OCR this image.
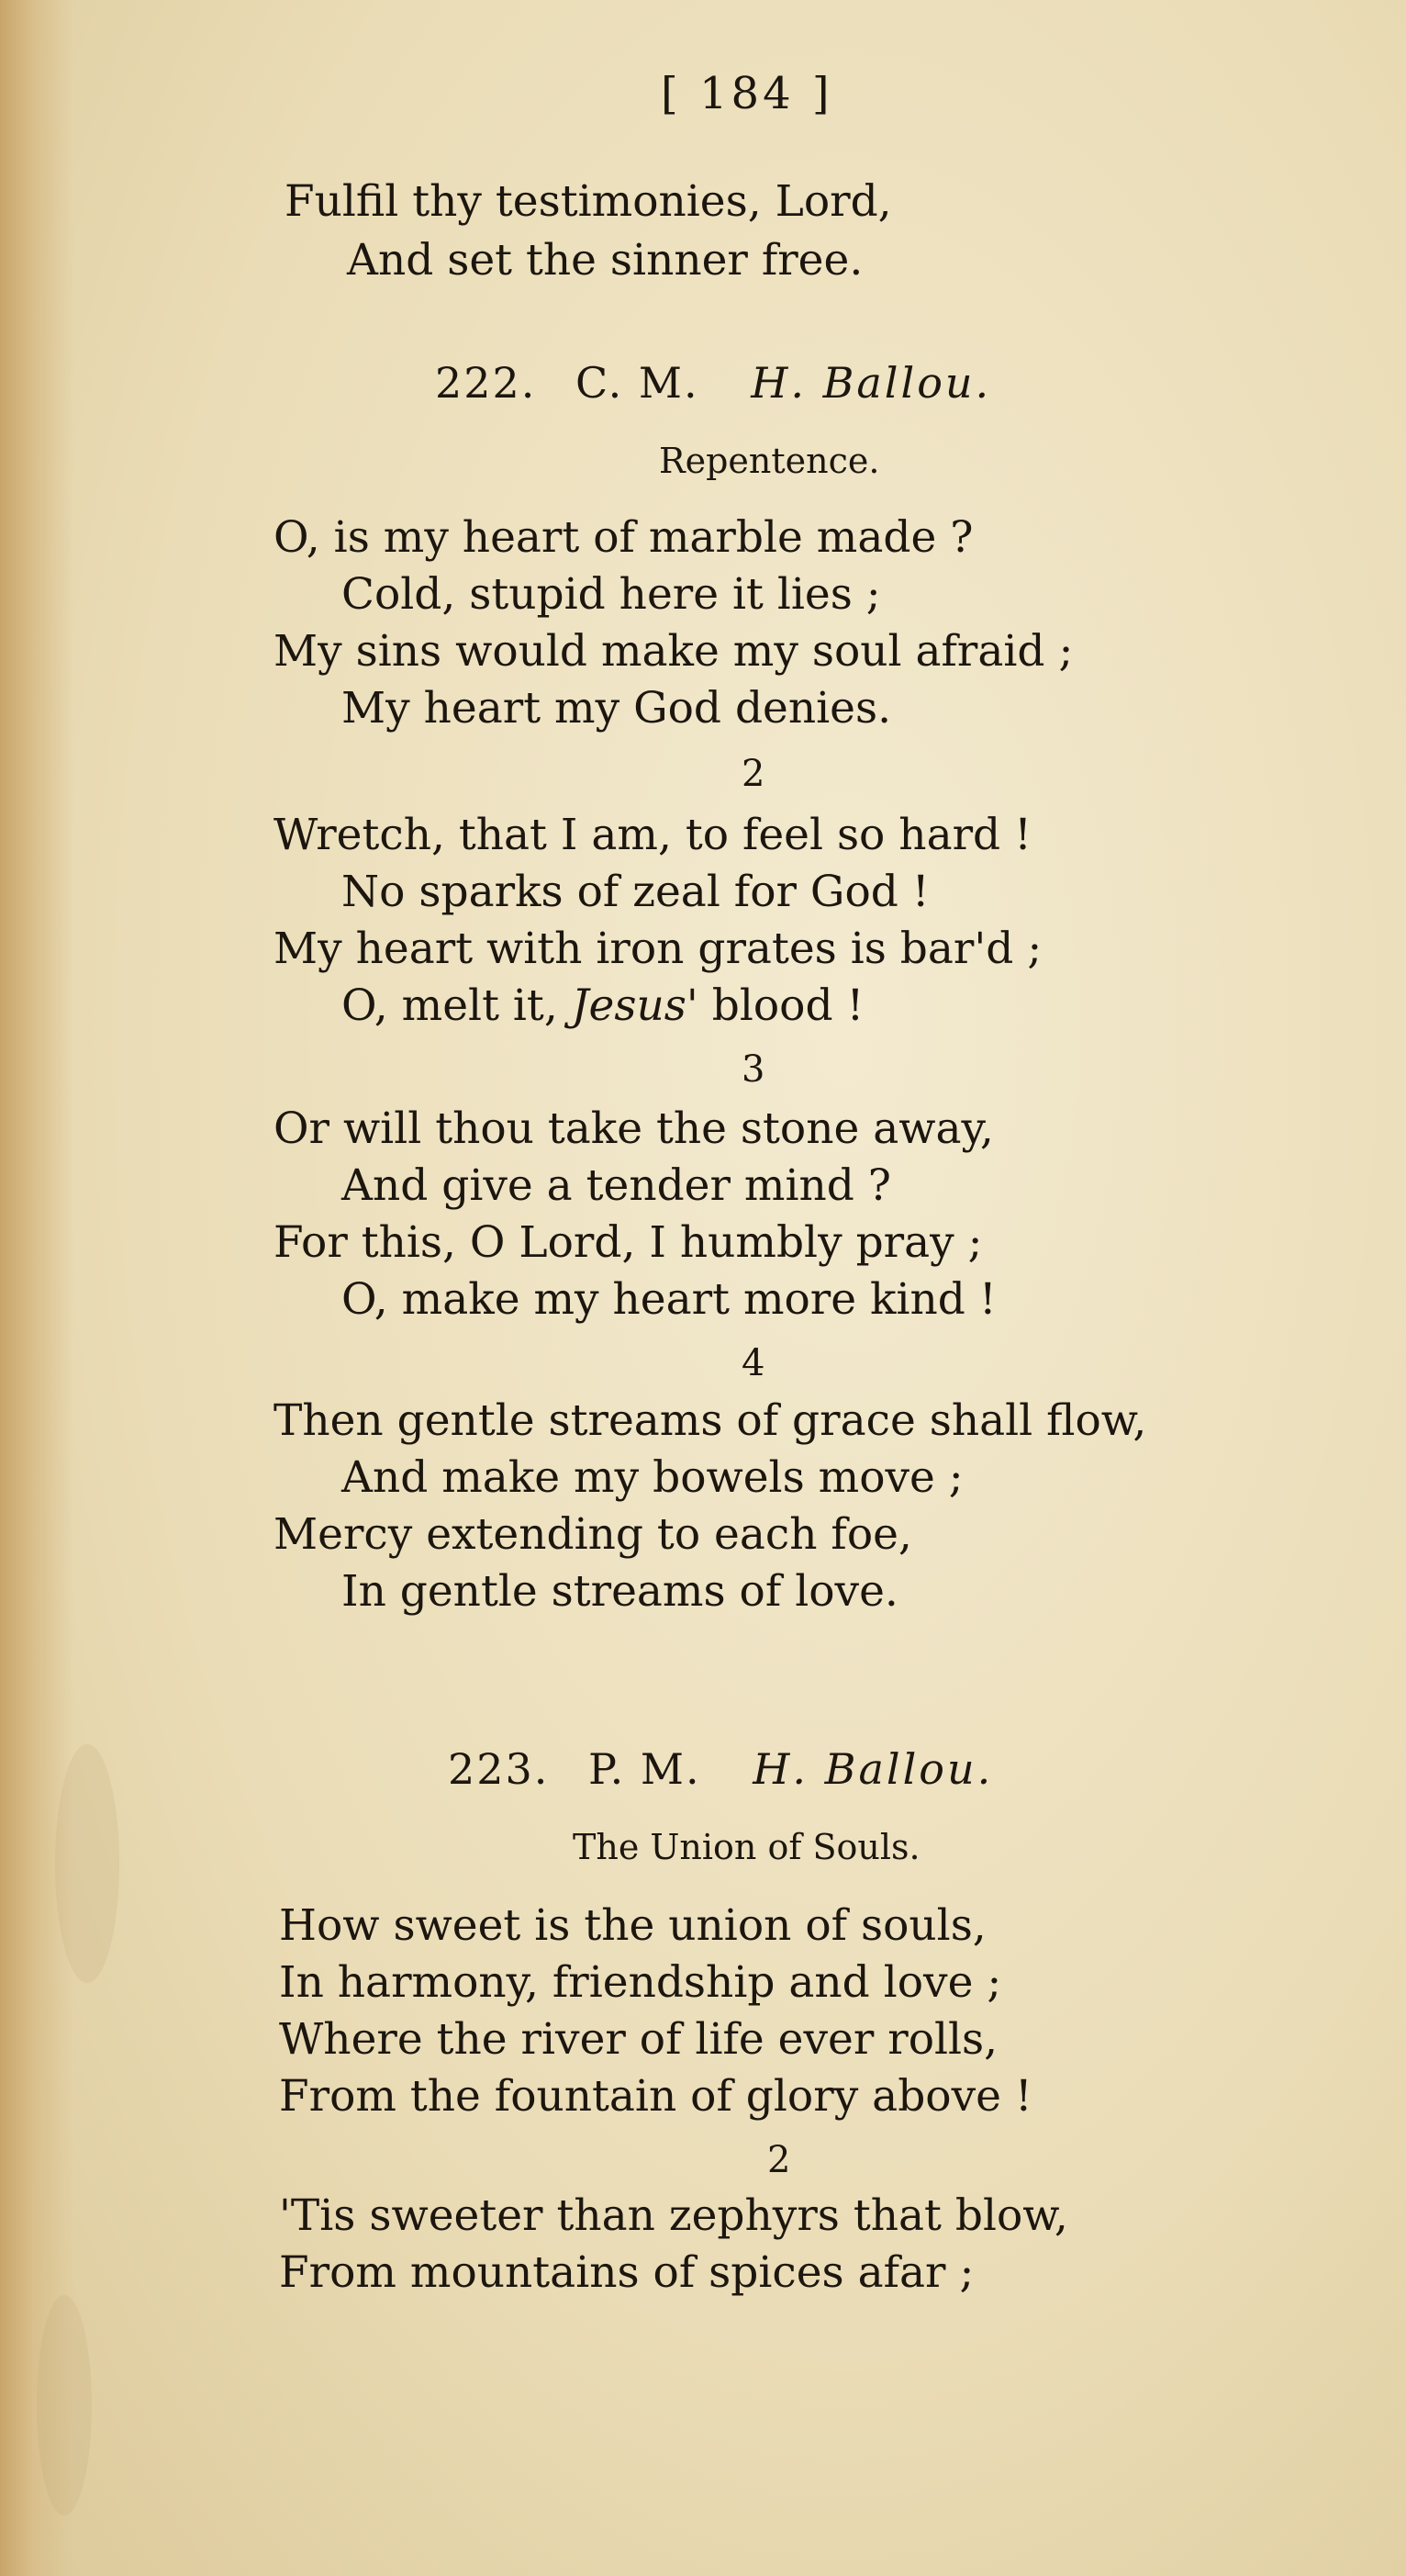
[ 184 ]
Fulfil thy testimonies, Lord,
And set the sinner free.
222. C. M. H. Ballou.
Repentence.
O, is my heart of marble made ?
Cold, stupid here it lies ;
My sins would make my soul afraid ;
My heart my God denies.
2
Wretch, that I am, to feel so hard !
No sparks of zeal for God !
My heart with iron grates is bar'd ;
O, melt it, Jesus' blood !
3
Or will thou take the stone away,
And give a tender mind ?
For this, O Lord, I humbly pray ;
O, make my heart more kind !
4
Then gentle streams of grace shall flow,
And make my bowels move ;
Mercy extending to each foe,
In gentle streams of love.
223. P. M. H. Ballou.
The Union of Souls.
How sweet is the union of souls,
In harmony, friendship and love ;
Where the river of life ever rolls,
From the fountain of glory above !
2
'Tis sweeter than zephyrs that blow,
From mountains of spices afar ;
